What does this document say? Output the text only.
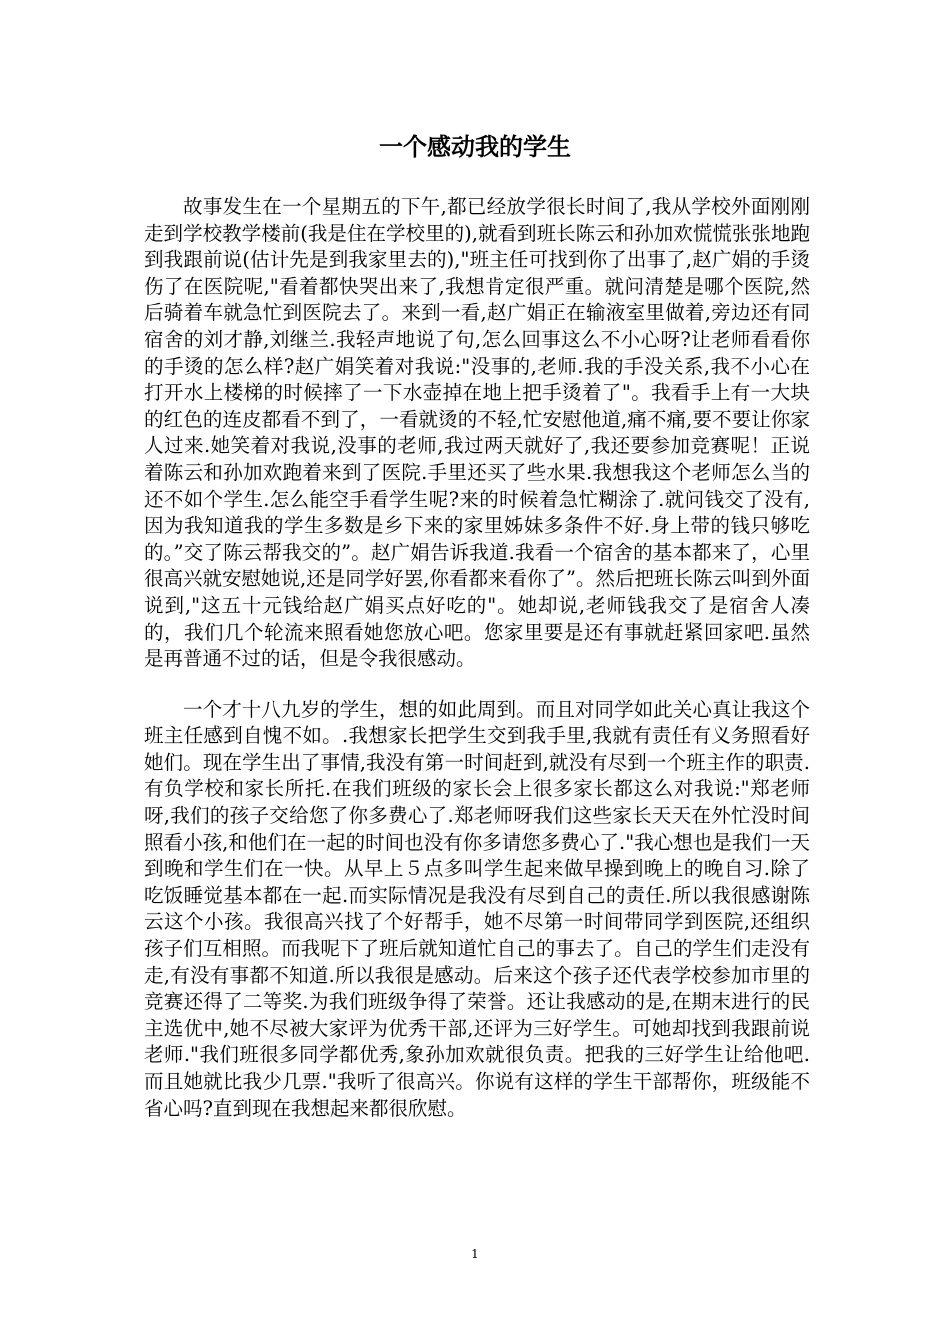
一个感动我的学生

故事发生在一个星期五的下午,都已经放学很长时间了,我从学校外面刚刚走到学校教学楼前(我是住在学校里的),就看到班长陈云和孙加欢慌慌张张地跑到我跟前说(估计先是到我家里去的),"班主任可找到你了出事了,赵广娟的手烫伤了在医院呢,"看着都快哭出来了,我想肯定很严重。就问清楚是哪个医院,然后骑着车就急忙到医院去了。来到一看,赵广娟正在输液室里做着,旁边还有同宿舍的刘才静,刘继兰.我轻声地说了句,怎么回事这么不小心呀?让老师看看你的手烫的怎么样?赵广娟笑着对我说:"没事的,老师.我的手没关系,我不小心在打开水上楼梯的时候摔了一下水壶掉在地上把手烫着了"。我看手上有一大块的红色的连皮都看不到了，一看就烫的不轻,忙安慰他道,痛不痛,要不要让你家人过来.她笑着对我说,没事的老师,我过两天就好了,我还要参加竞赛呢！正说着陈云和孙加欢跑着来到了医院.手里还买了些水果.我想我这个老师怎么当的还不如个学生.怎么能空手看学生呢?来的时候着急忙糊涂了.就问钱交了没有,因为我知道我的学生多数是乡下来的家里姊妹多条件不好.身上带的钱只够吃的。”交了陈云帮我交的”。赵广娟告诉我道.我看一个宿舍的基本都来了，心里很高兴就安慰她说,还是同学好罢,你看都来看你了”。然后把班长陈云叫到外面说到,"这五十元钱给赵广娟买点好吃的"。她却说,老师钱我交了是宿舍人凑的，我们几个轮流来照看她您放心吧。您家里要是还有事就赶紧回家吧.虽然是再普通不过的话，但是令我很感动。

一个才十八九岁的学生，想的如此周到。而且对同学如此关心真让我这个班主任感到自愧不如。.我想家长把学生交到我手里,我就有责任有义务照看好她们。现在学生出了事情,我没有第一时间赶到,就没有尽到一个班主作的职责.有负学校和家长所托.在我们班级的家长会上很多家长都这么对我说:"郑老师呀,我们的孩子交给您了你多费心了.郑老师呀我们这些家长天天在外忙没时间照看小孩,和他们在一起的时间也没有你多请您多费心了."我心想也是我们一天到晚和学生们在一快。从早上５点多叫学生起来做早操到晚上的晚自习.除了吃饭睡觉基本都在一起.而实际情况是我没有尽到自己的责任.所以我很感谢陈云这个小孩。我很高兴找了个好帮手，她不尽第一时间带同学到医院,还组织孩子们互相照。而我呢下了班后就知道忙自己的事去了。自己的学生们走没有走,有没有事都不知道.所以我很是感动。后来这个孩子还代表学校参加市里的竞赛还得了二等奖.为我们班级争得了荣誉。还让我感动的是,在期末进行的民主选优中,她不尽被大家评为优秀干部,还评为三好学生。可她却找到我跟前说老师."我们班很多同学都优秀,象孙加欢就很负责。把我的三好学生让给他吧.而且她就比我少几票."我听了很高兴。你说有这样的学生干部帮你，班级能不省心吗?直到现在我想起来都很欣慰。

1
